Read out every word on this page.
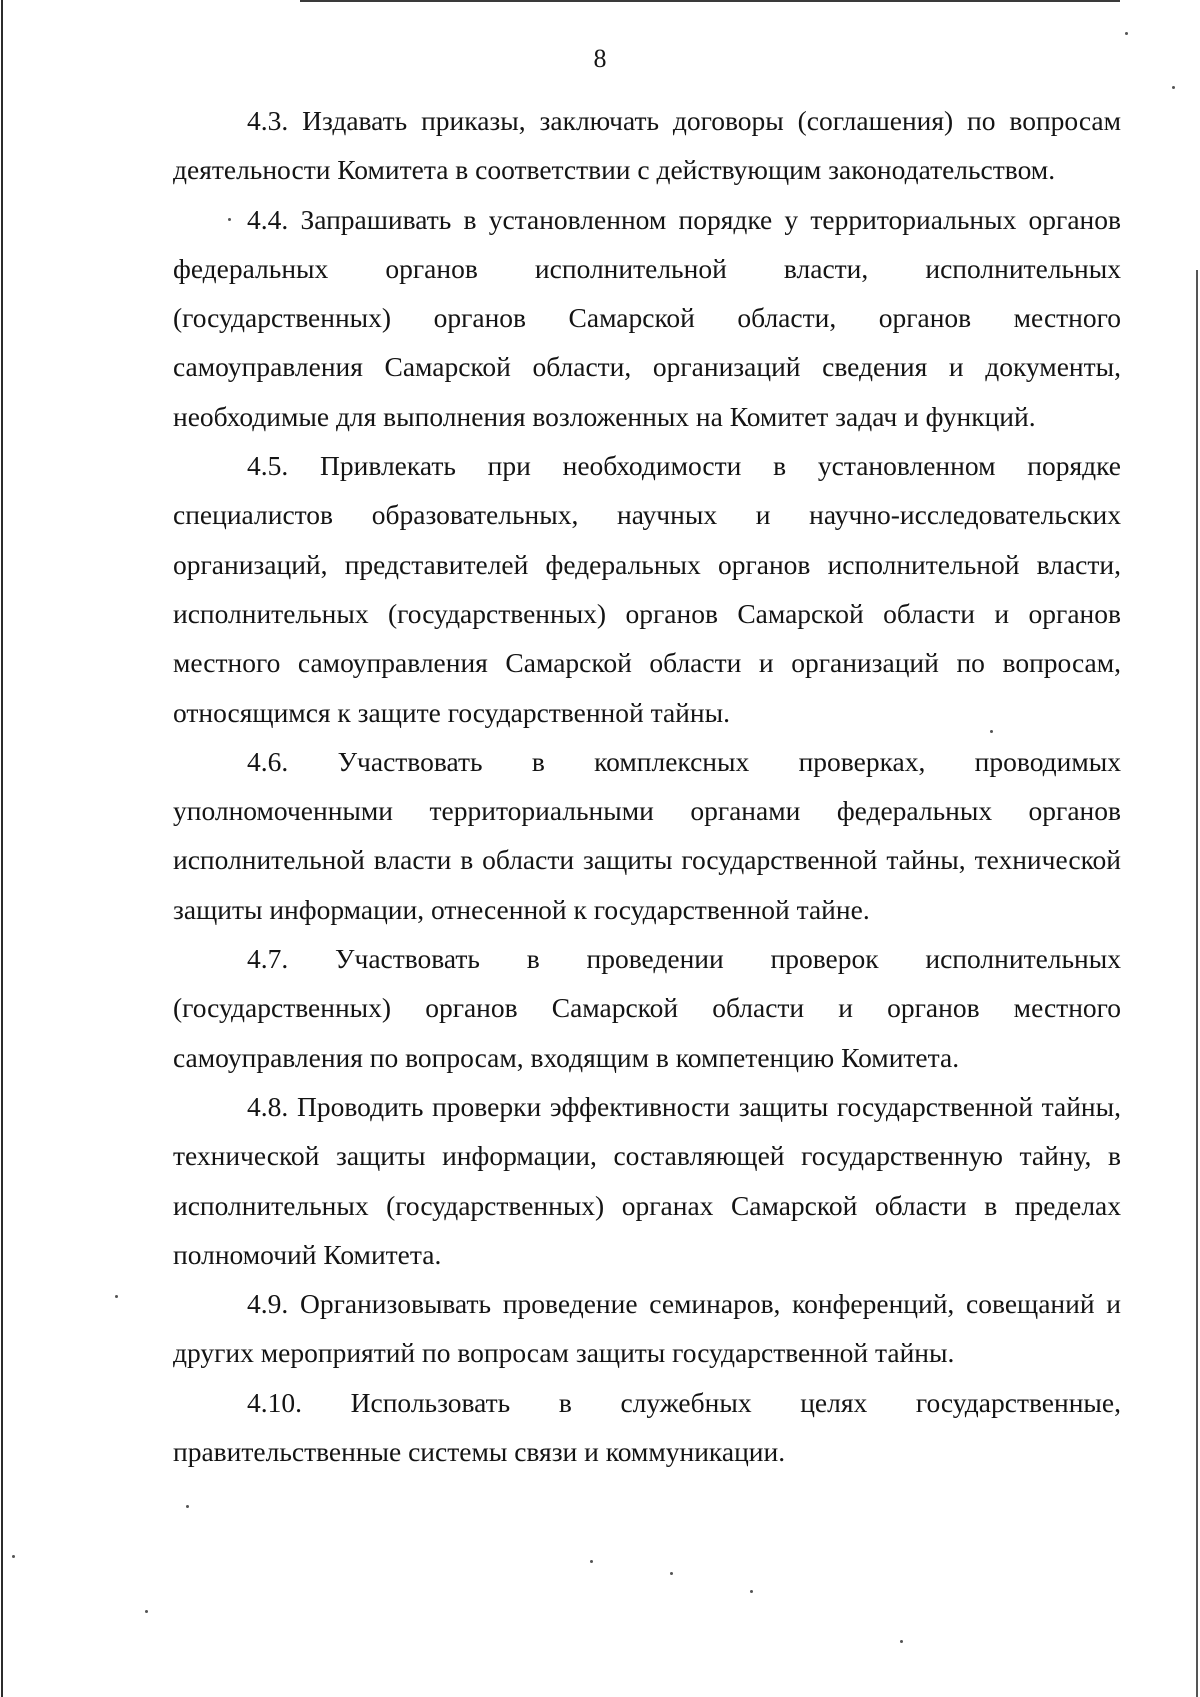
8

4.3. Издавать приказы, заключать договоры (соглашения) по вопросам деятельности Комитета в соответствии с действующим законодательством.

4.4. Запрашивать в установленном порядке у территориальных органов федеральных органов исполнительной власти, исполнительных (государственных) органов Самарской области, органов местного самоуправления Самарской области, организаций сведения и документы, необходимые для выполнения возложенных на Комитет задач и функций.

4.5. Привлекать при необходимости в установленном порядке специалистов образовательных, научных и научно-исследовательских организаций, представителей федеральных органов исполнительной власти, исполнительных (государственных) органов Самарской области и органов местного самоуправления Самарской области и организаций по вопросам, относящимся к защите государственной тайны.

4.6. Участвовать в комплексных проверках, проводимых уполномоченными территориальными органами федеральных органов исполнительной власти в области защиты государственной тайны, технической защиты информации, отнесенной к государственной тайне.

4.7. Участвовать в проведении проверок исполнительных (государственных) органов Самарской области и органов местного самоуправления по вопросам, входящим в компетенцию Комитета.

4.8. Проводить проверки эффективности защиты государственной тайны, технической защиты информации, составляющей государственную тайну, в исполнительных (государственных) органах Самарской области в пределах полномочий Комитета.

4.9. Организовывать проведение семинаров, конференций, совещаний и других мероприятий по вопросам защиты государственной тайны.

4.10. Использовать в служебных целях государственные, правительственные системы связи и коммуникации.
